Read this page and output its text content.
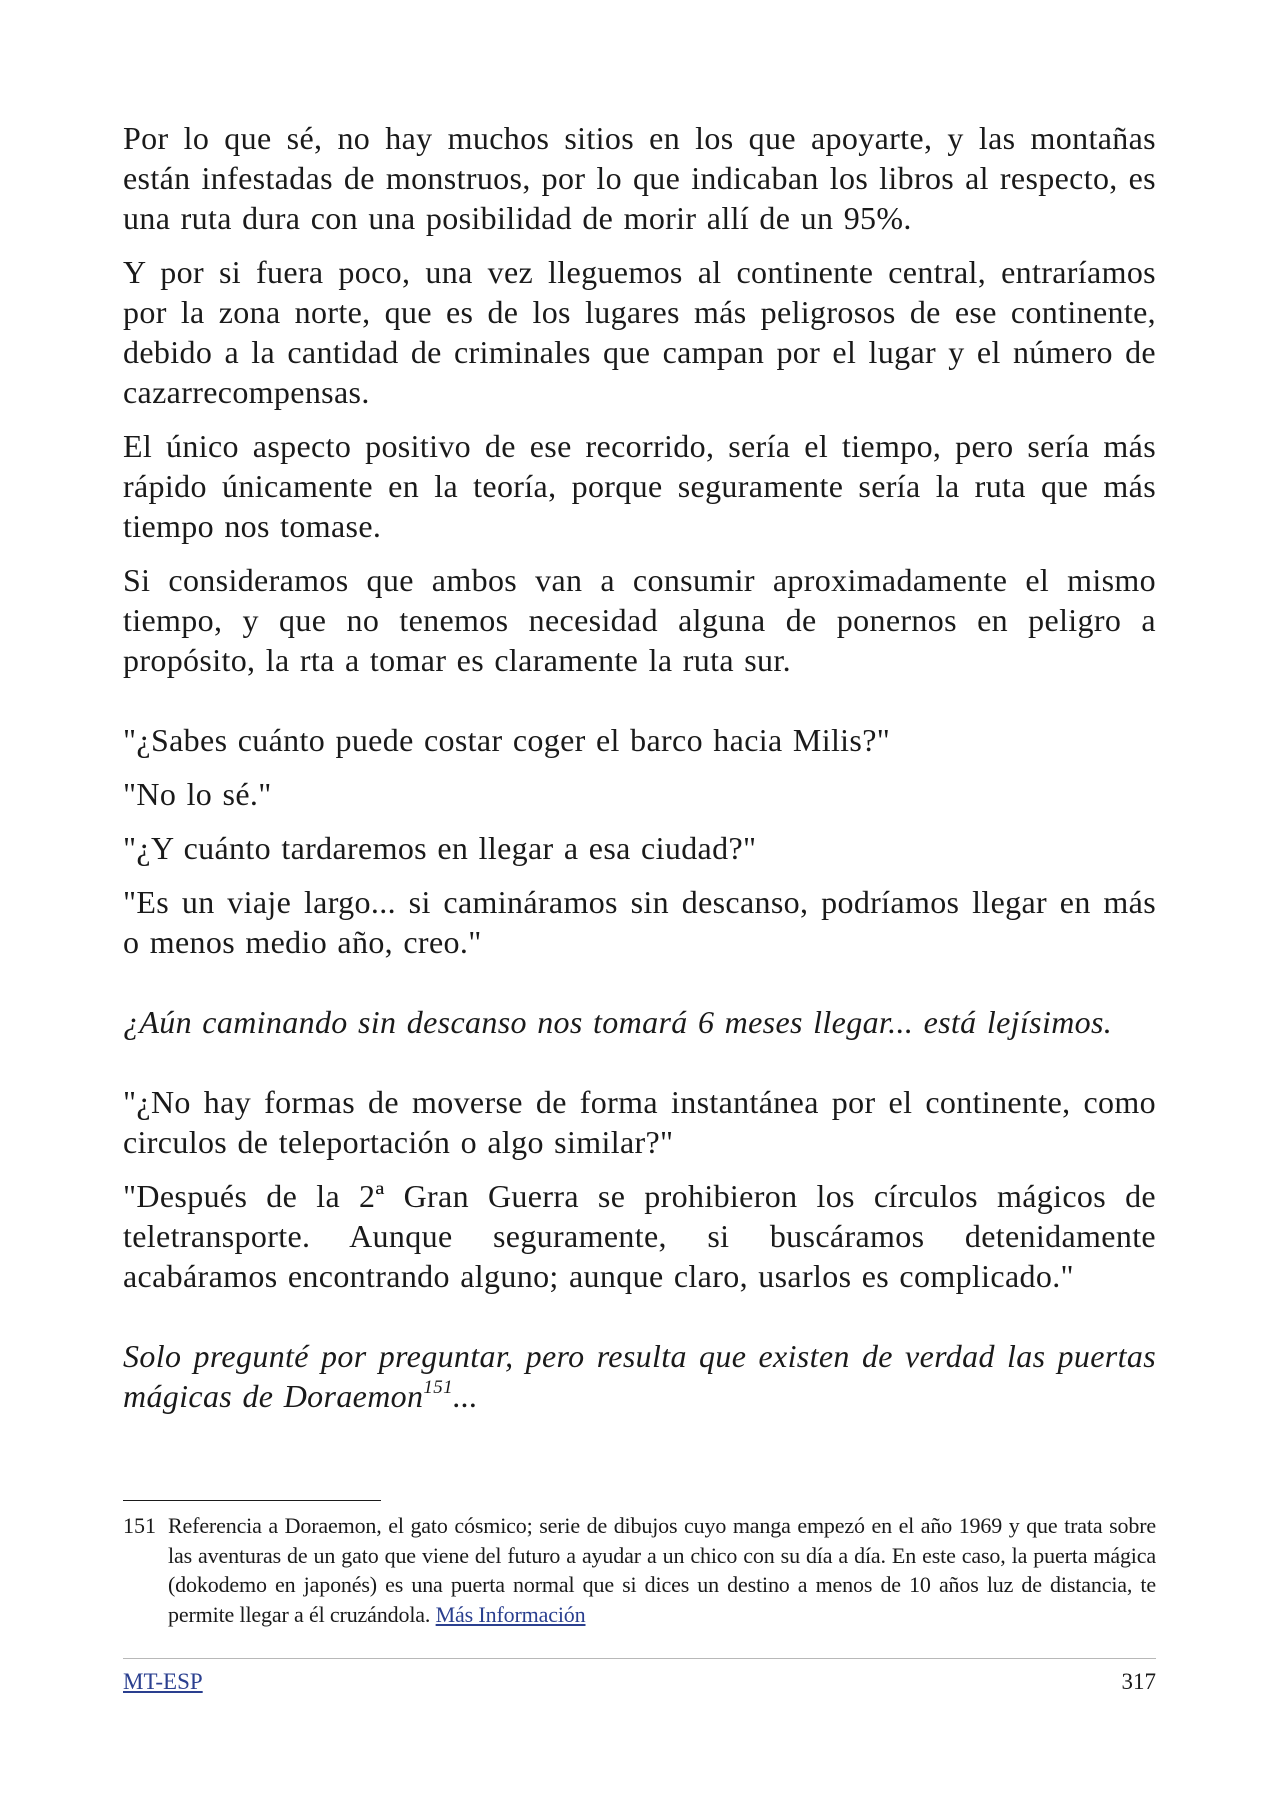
Por lo que sé, no hay muchos sitios en los que apoyarte, y las montañas están infestadas de monstruos, por lo que indicaban los libros al respecto, es una ruta dura con una posibilidad de morir allí de un 95%.

Y por si fuera poco, una vez lleguemos al continente central, entraríamos por la zona norte, que es de los lugares más peligrosos de ese continente, debido a la cantidad de criminales que campan por el lugar y el número de cazarrecompensas.

El único aspecto positivo de ese recorrido, sería el tiempo, pero sería más rápido únicamente en la teoría, porque seguramente sería la ruta que más tiempo nos tomase.

Si consideramos que ambos van a consumir aproximadamente el mismo tiempo, y que no tenemos necesidad alguna de ponernos en peligro a propósito, la rta a tomar es claramente la ruta sur.

"¿Sabes cuánto puede costar coger el barco hacia Milis?"

"No lo sé."

"¿Y cuánto tardaremos en llegar a esa ciudad?"

"Es un viaje largo... si camináramos sin descanso, podríamos llegar en más o menos medio año, creo."

¿Aún caminando sin descanso nos tomará 6 meses llegar... está lejísimos.

"¿No hay formas de moverse de forma instantánea por el continente, como circulos de teleportación o algo similar?"

"Después de la 2ª Gran Guerra se prohibieron los círculos mágicos de teletransporte. Aunque seguramente, si buscáramos detenidamente acabáramos encontrando alguno; aunque claro, usarlos es complicado."

Solo pregunté por preguntar, pero resulta que existen de verdad las puertas mágicas de Doraemon$^{151}$...

151 Referencia a Doraemon, el gato cósmico; serie de dibujos cuyo manga empezó en el año 1969 y que trata sobre las aventuras de un gato que viene del futuro a ayudar a un chico con su día a día. En este caso, la puerta mágica (dokodemo en japonés) es una puerta normal que si dices un destino a menos de 10 años luz de distancia, te permite llegar a él cruzándola. Más Información
MT-ESP	317
